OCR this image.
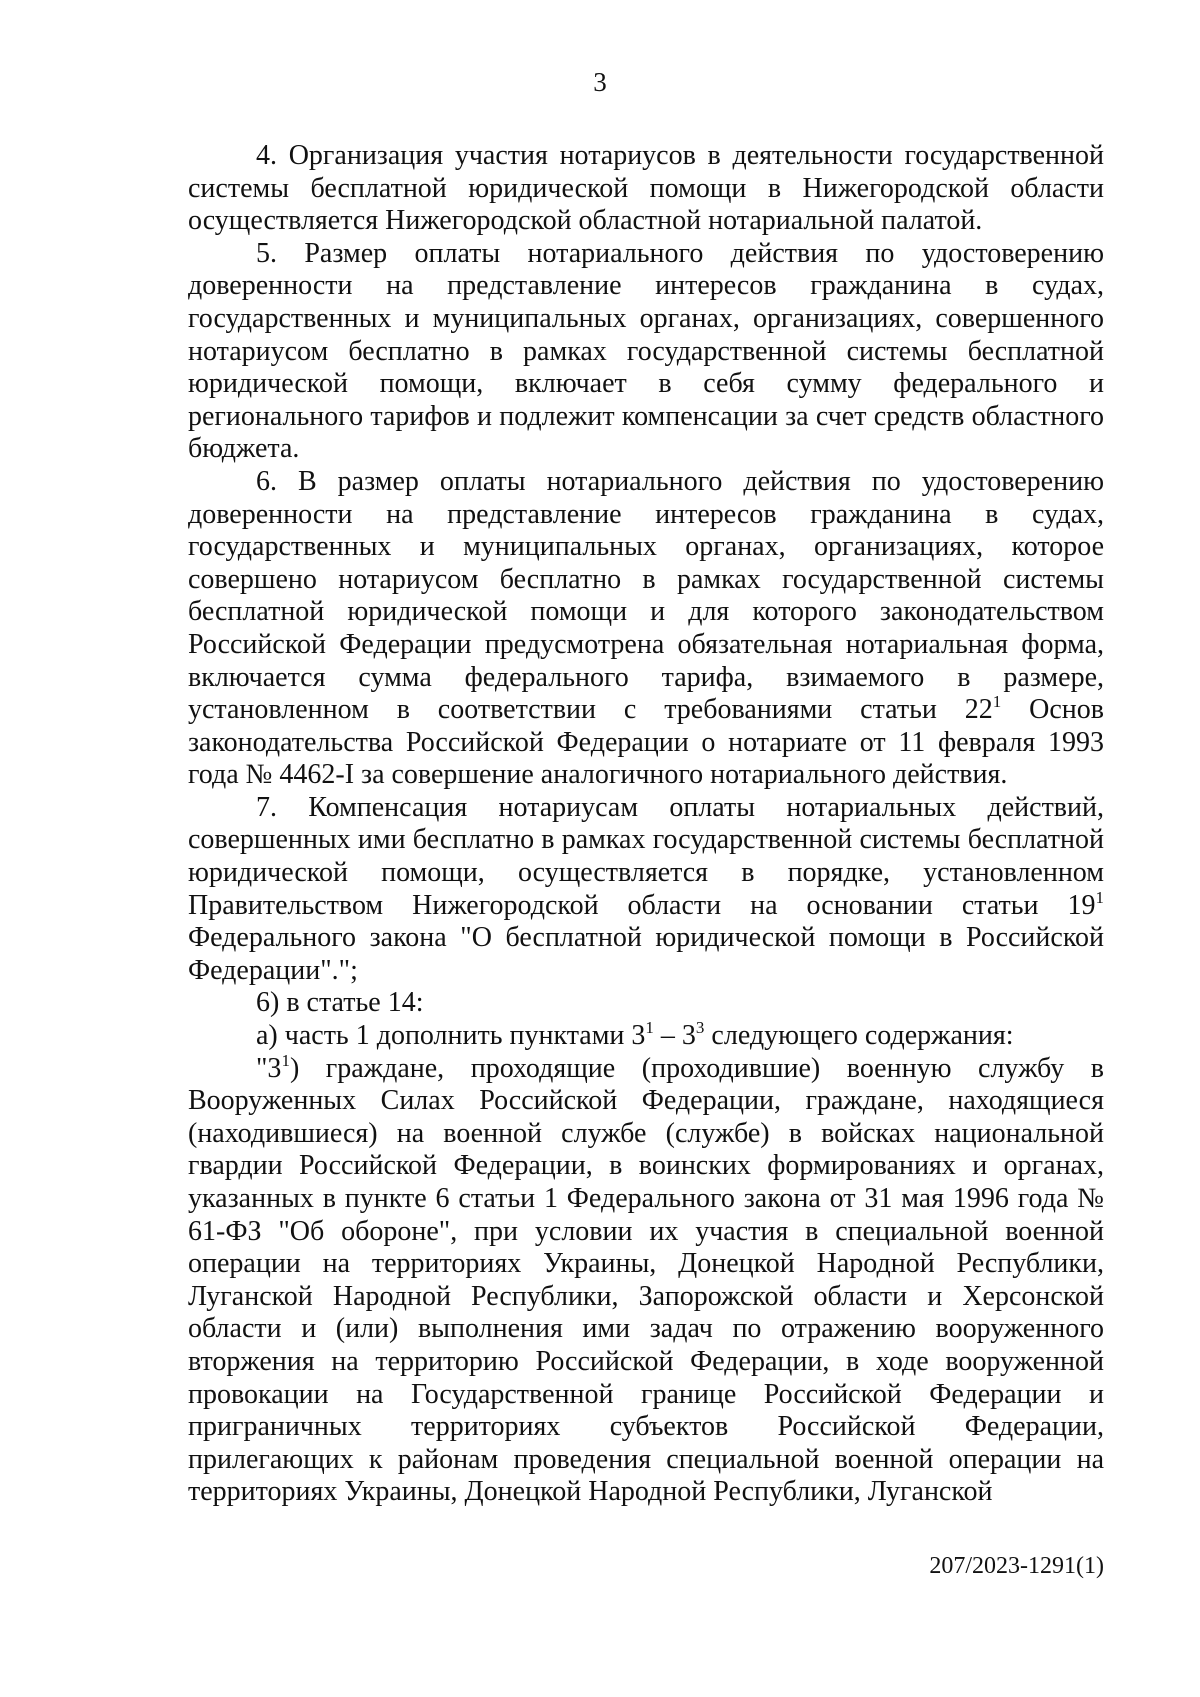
3

4. Организация участия нотариусов в деятельности государственной системы бесплатной юридической помощи в Нижегородской области осуществляется Нижегородской областной нотариальной палатой.

5. Размер оплаты нотариального действия по удостоверению доверенности на представление интересов гражданина в судах, государственных и муниципальных органах, организациях, совершенного нотариусом бесплатно в рамках государственной системы бесплатной юридической помощи, включает в себя сумму федерального и регионального тарифов и подлежит компенсации за счет средств областного бюджета.

6. В размер оплаты нотариального действия по удостоверению доверенности на представление интересов гражданина в судах, государственных и муниципальных органах, организациях, которое совершено нотариусом бесплатно в рамках государственной системы бесплатной юридической помощи и для которого законодательством Российской Федерации предусмотрена обязательная нотариальная форма, включается сумма федерального тарифа, взимаемого в размере, установленном в соответствии с требованиями статьи $22^1$ Основ законодательства Российской Федерации о нотариате от 11 февраля 1993 года № 4462-I за совершение аналогичного нотариального действия.

7. Компенсация нотариусам оплаты нотариальных действий, совершенных ими бесплатно в рамках государственной системы бесплатной юридической помощи, осуществляется в порядке, установленном Правительством Нижегородской области на основании статьи $19^1$ Федерального закона "О бесплатной юридической помощи в Российской Федерации".";

6) в статье 14:

а) часть 1 дополнить пунктами $3^1 - 3^3$ следующего содержания:

"$3^1$) граждане, проходящие (проходившие) военную службу в Вооруженных Силах Российской Федерации, граждане, находящиеся (находившиеся) на военной службе (службе) в войсках национальной гвардии Российской Федерации, в воинских формированиях и органах, указанных в пункте 6 статьи 1 Федерального закона от 31 мая 1996 года № 61-ФЗ "Об обороне", при условии их участия в специальной военной операции на территориях Украины, Донецкой Народной Республики, Луганской Народной Республики, Запорожской области и Херсонской области и (или) выполнения ими задач по отражению вооруженного вторжения на территорию Российской Федерации, в ходе вооруженной провокации на Государственной границе Российской Федерации и приграничных территориях субъектов Российской Федерации, прилегающих к районам проведения специальной военной операции на территориях Украины, Донецкой Народной Республики, Луганской

207/2023-1291(1)
